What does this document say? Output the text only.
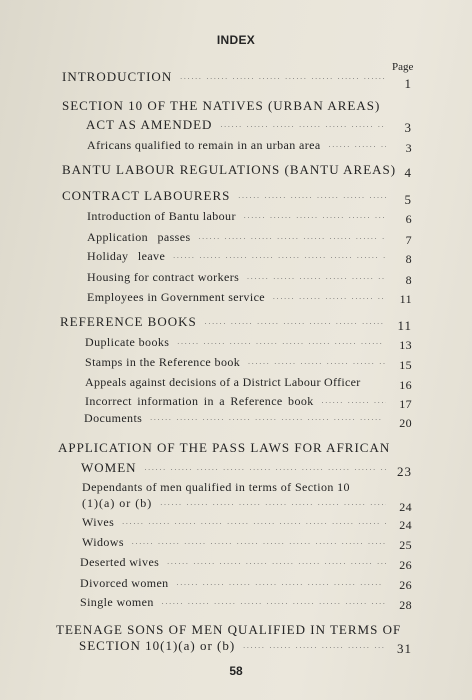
INDEX
Page
INTRODUCTION .....	1
SECTION 10 OF THE NATIVES (URBAN AREAS)
ACT AS AMENDED .....	3
Africans qualified to remain in an urban area .....	3
BANTU LABOUR REGULATIONS (BANTU AREAS) 4
CONTRACT LABOURERS .....	5
Introduction of Bantu labour .....	6
Application passes .....	7
Holiday leave .....	8
Housing for contract workers .....	8
Employees in Government service .....	11
REFERENCE BOOKS .....	11
Duplicate books .....	13
Stamps in the Reference book .....	15
Appeals against decisions of a District Labour Officer	16
Incorrect information in a Reference book .....	17
Documents .....	20
APPLICATION OF THE PASS LAWS FOR AFRICAN
WOMEN .....	23
Dependants of men qualified in terms of Section 10
(1)(a) or (b) .....	24
Wives .....	24
Widows .....	25
Deserted wives .....	26
Divorced women .....	26
Single women .....	28
TEENAGE SONS OF MEN QUALIFIED IN TERMS OF
SECTION 10(1)(a) or (b) .....	31
58
